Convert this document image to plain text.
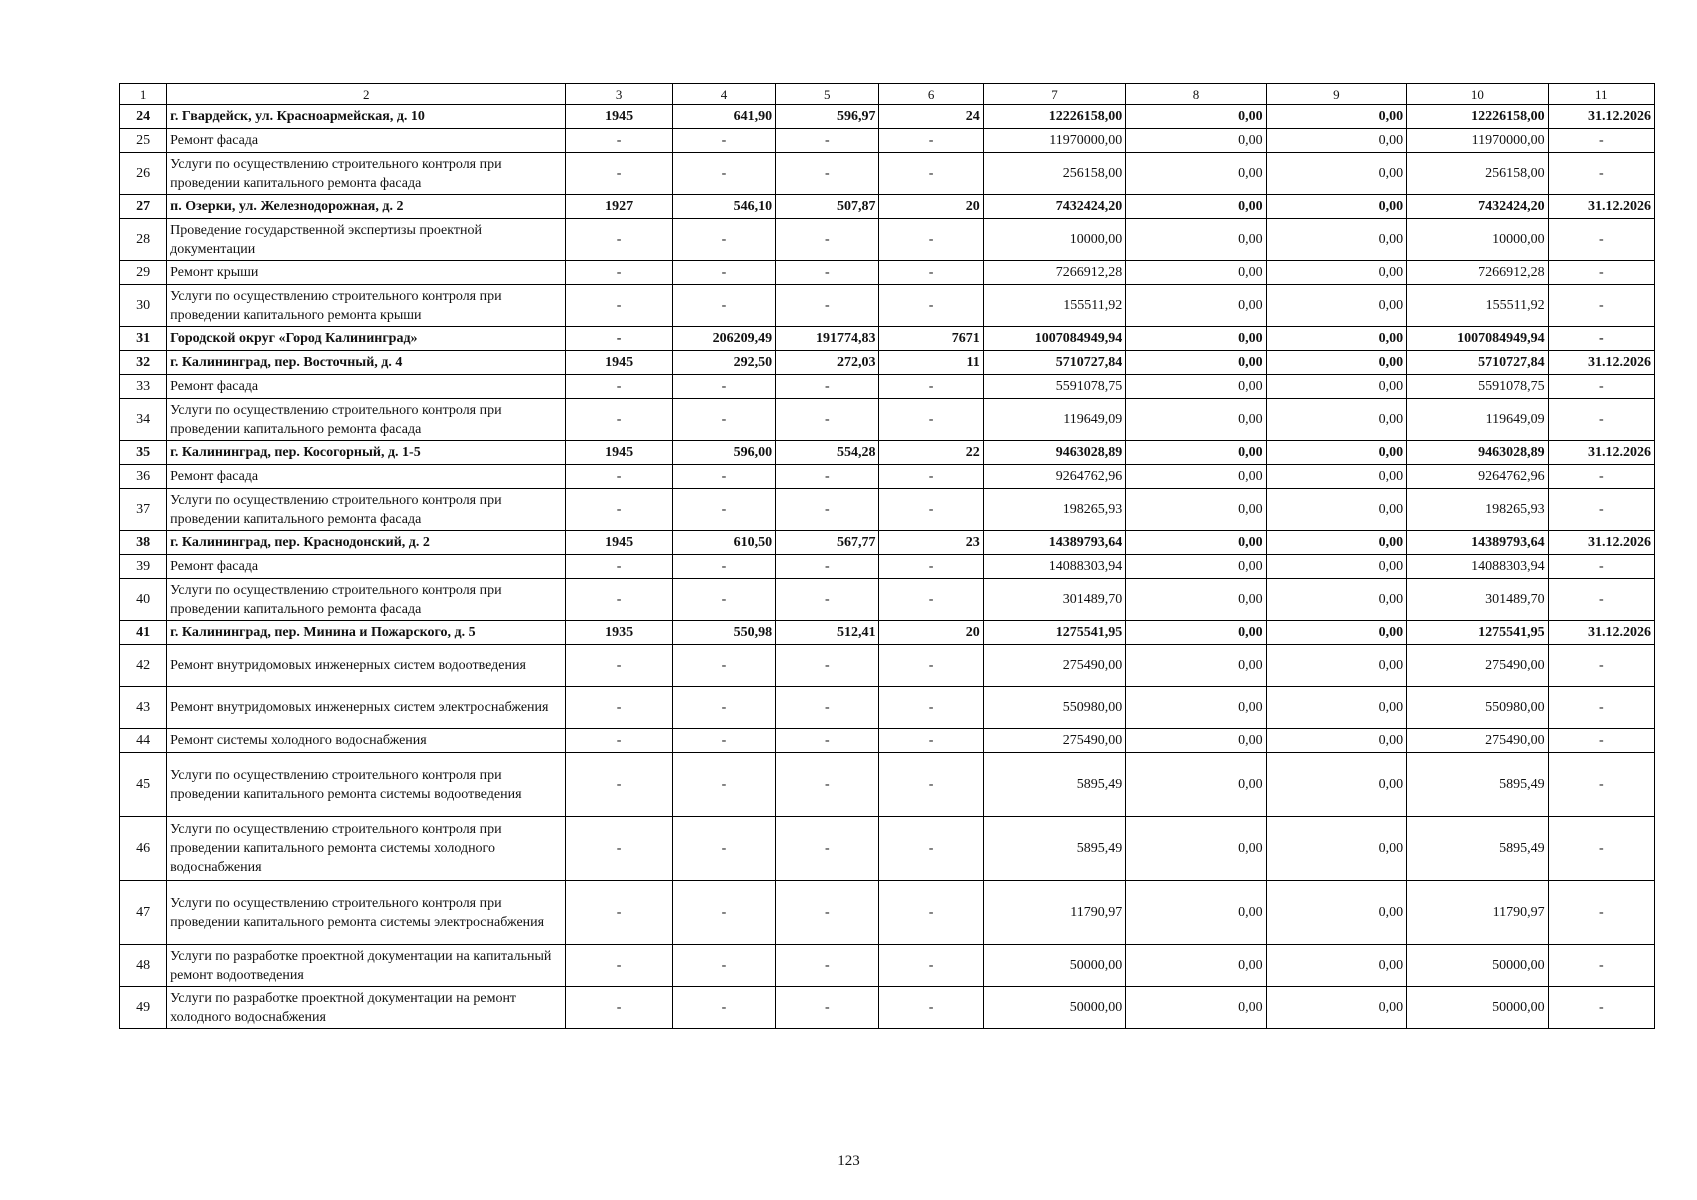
1	2	3	4	5	6	7	8	9	10	11
24	г. Гвардейск, ул. Красноармейская, д. 10	1945	641,90	596,97	24	12226158,00	0,00	0,00	12226158,00	31.12.2026
25	Ремонт фасада	-	-	-	-	11970000,00	0,00	0,00	11970000,00	-
26	Услуги по осуществлению строительного контроля при проведении капитального ремонта фасада	-	-	-	-	256158,00	0,00	0,00	256158,00	-
27	п. Озерки, ул. Железнодорожная, д. 2	1927	546,10	507,87	20	7432424,20	0,00	0,00	7432424,20	31.12.2026
28	Проведение государственной экспертизы проектной документации	-	-	-	-	10000,00	0,00	0,00	10000,00	-
29	Ремонт крыши	-	-	-	-	7266912,28	0,00	0,00	7266912,28	-
30	Услуги по осуществлению строительного контроля при проведении капитального ремонта крыши	-	-	-	-	155511,92	0,00	0,00	155511,92	-
31	Городской округ «Город Калининград»	-	206209,49	191774,83	7671	1007084949,94	0,00	0,00	1007084949,94	-
32	г. Калининград, пер. Восточный, д. 4	1945	292,50	272,03	11	5710727,84	0,00	0,00	5710727,84	31.12.2026
33	Ремонт фасада	-	-	-	-	5591078,75	0,00	0,00	5591078,75	-
34	Услуги по осуществлению строительного контроля при проведении капитального ремонта фасада	-	-	-	-	119649,09	0,00	0,00	119649,09	-
35	г. Калининград, пер. Косогорный, д. 1-5	1945	596,00	554,28	22	9463028,89	0,00	0,00	9463028,89	31.12.2026
36	Ремонт фасада	-	-	-	-	9264762,96	0,00	0,00	9264762,96	-
37	Услуги по осуществлению строительного контроля при проведении капитального ремонта фасада	-	-	-	-	198265,93	0,00	0,00	198265,93	-
38	г. Калининград, пер. Краснодонский, д. 2	1945	610,50	567,77	23	14389793,64	0,00	0,00	14389793,64	31.12.2026
39	Ремонт фасада	-	-	-	-	14088303,94	0,00	0,00	14088303,94	-
40	Услуги по осуществлению строительного контроля при проведении капитального ремонта фасада	-	-	-	-	301489,70	0,00	0,00	301489,70	-
41	г. Калининград, пер. Минина и Пожарского, д. 5	1935	550,98	512,41	20	1275541,95	0,00	0,00	1275541,95	31.12.2026
42	Ремонт внутридомовых инженерных систем водоотведения	-	-	-	-	275490,00	0,00	0,00	275490,00	-
43	Ремонт внутридомовых инженерных систем электроснабжения	-	-	-	-	550980,00	0,00	0,00	550980,00	-
44	Ремонт системы холодного водоснабжения	-	-	-	-	275490,00	0,00	0,00	275490,00	-
45	Услуги по осуществлению строительного контроля при проведении капитального ремонта системы водоотведения	-	-	-	-	5895,49	0,00	0,00	5895,49	-
46	Услуги по осуществлению строительного контроля при проведении капитального ремонта системы холодного водоснабжения	-	-	-	-	5895,49	0,00	0,00	5895,49	-
47	Услуги по осуществлению строительного контроля при проведении капитального ремонта системы электроснабжения	-	-	-	-	11790,97	0,00	0,00	11790,97	-
48	Услуги по разработке проектной документации на капитальный ремонт водоотведения	-	-	-	-	50000,00	0,00	0,00	50000,00	-
49	Услуги по разработке проектной документации на ремонт холодного водоснабжения	-	-	-	-	50000,00	0,00	0,00	50000,00	-
123
